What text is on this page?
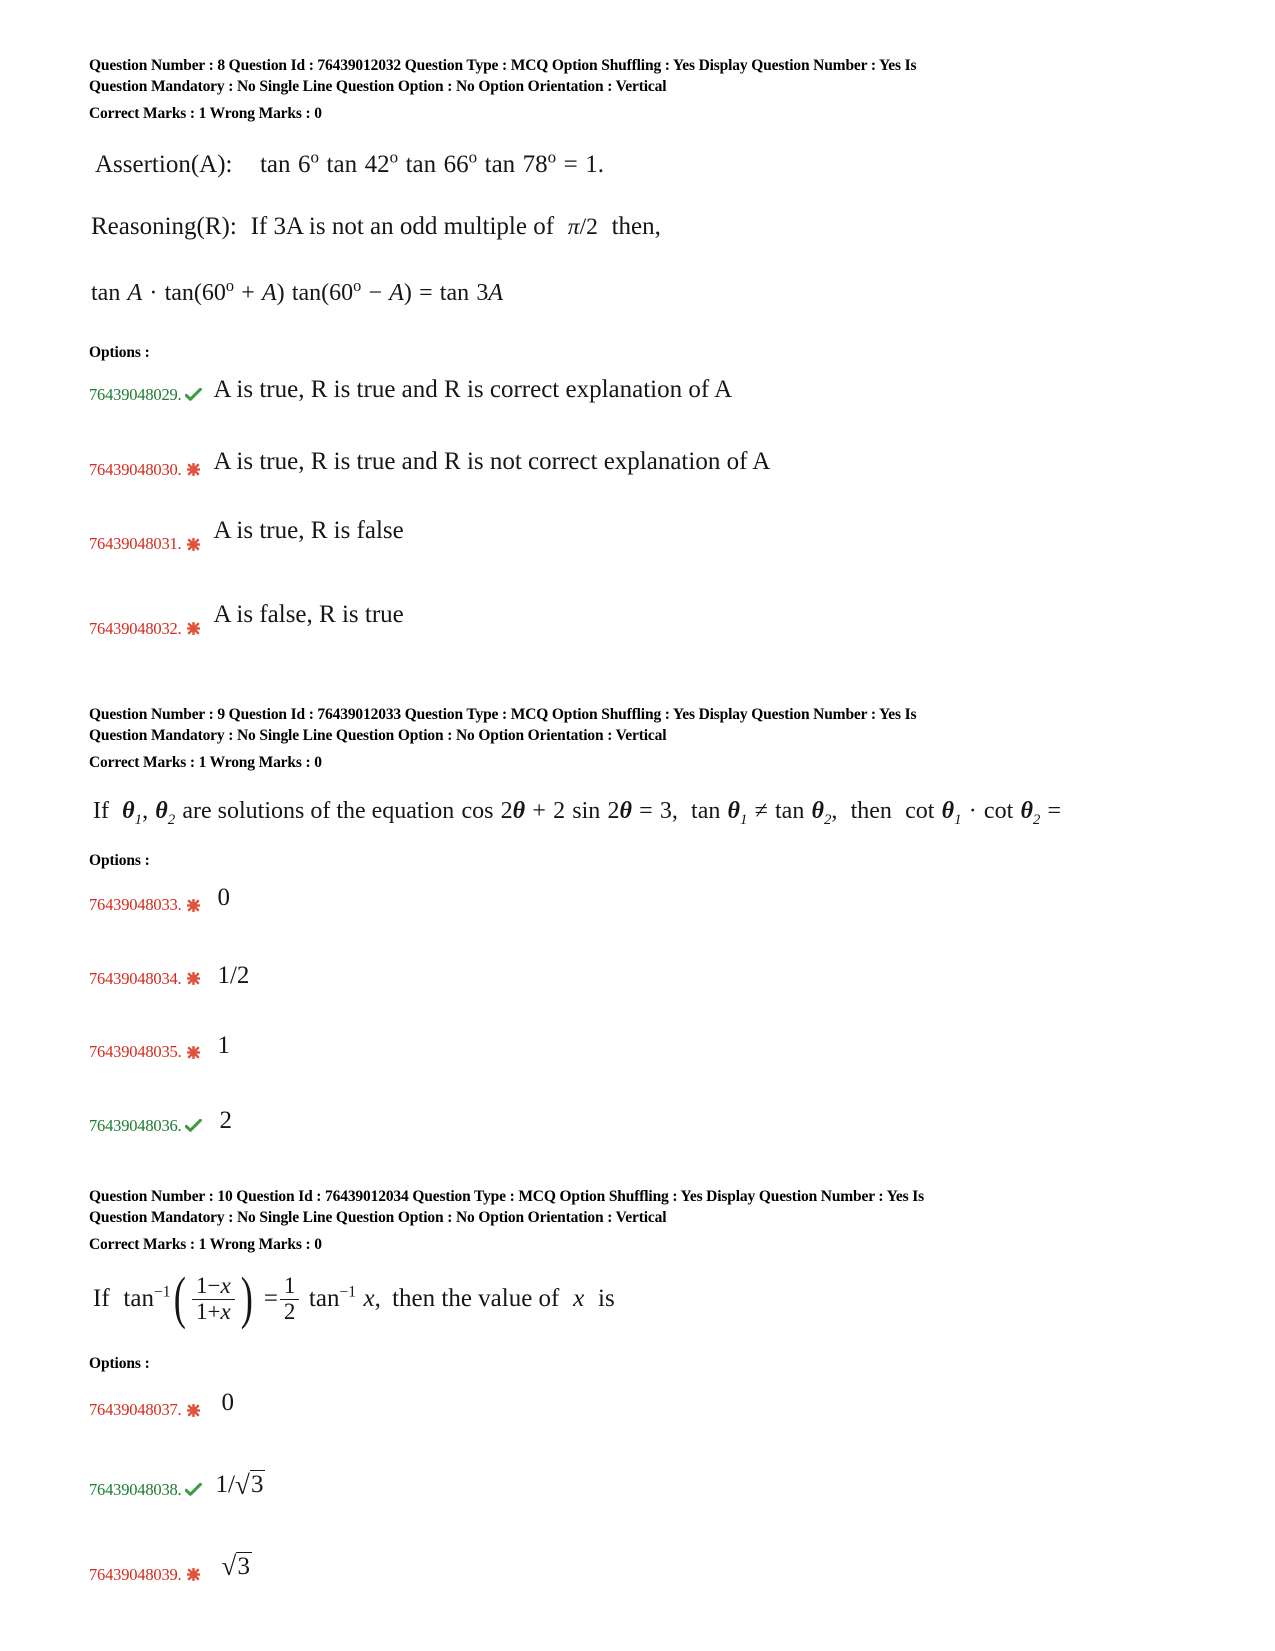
Question Number : 8 Question Id : 76439012032 Question Type : MCQ Option Shuffling : Yes Display Question Number : Yes Is
Question Mandatory : No Single Line Question Option : No Option Orientation : Vertical
Correct Marks : 1 Wrong Marks : 0
Assertion(A): tan 6$^o$ tan 42$^o$ tan 66$^o$ $\tan 78^o = 1$.
Reasoning(R): If 3A is not an odd multiple of π/2 then,
$\tan A \cdot \tan(60^o + A) \tan(60^o - A) = \tan 3A$
Options :
76439048029. A is true, R is true and R is correct explanation of A
76439048030. A is true, R is true and R is not correct explanation of A
76439048031.
A is true, R is false
76439048032.
A is false, R is true
Question Number : 9 Question Id : 76439012033 Question Type : MCQ Option Shuffling : Yes Display Question Number : Yes Is
Question Mandatory : No Single Line Question Option : No Option Orientation : Vertical
Correct Marks : 1 Wrong Marks : 0
If $\theta_1$, $\theta_2$ are solutions of the equation cos 2θ + 2 sin 2θ = 3, $\tan \theta_1 \ne \tan \theta_2$, then $\cot \theta_1 \cdot \cot \theta_2$ =
Options :
76439048033. 0
76439048034. 1/2
76439048035. 1
76439048036. 2
Question Number : 10 Question Id : 76439012034 Question Type : MCQ Option Shuffling : Yes Display Question Number : Yes Is
Question Mandatory : No Single Line Question Option : No Option Orientation : Vertical
Correct Marks : 1 Wrong Marks : 0
If $\tan^{-1}( \frac{1-x}{1+x}$ ) = $\frac{1}{2} \tan^{-1} x$, then the value of x is
Options :
76439048037. 0
76439048038. 1/ √ 3
76439048039.	√ 3
